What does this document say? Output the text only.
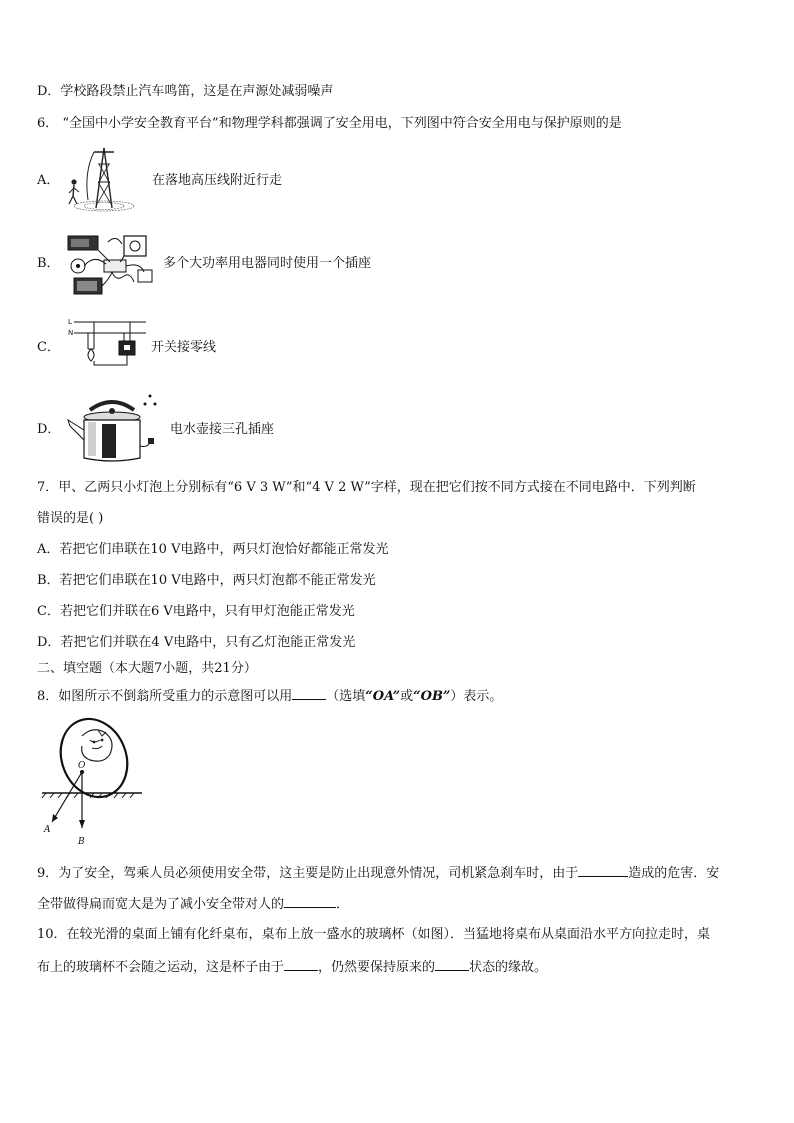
D．学校路段禁止汽车鸣笛，这是在声源处减弱噪声
6． “全国中小学安全教育平台”和物理学科都强调了安全用电，下列图中符合安全用电与保护原则的是
A．	在落地高压线附近行走
B．	多个大功率用电器同时使用一个插座
C．
L
N
开关接零线
D．	电水壶接三孔插座
7．甲、乙两只小灯泡上分别标有“6 V 3 W”和“4 V 2 W”字样，现在把它们按不同方式接在不同电路中．下列判断
错误的是( )
A．若把它们串联在10 V电路中，两只灯泡恰好都能正常发光
B．若把它们串联在10 V电路中，两只灯泡都不能正常发光
C．若把它们并联在6 V电路中，只有甲灯泡能正常发光
D．若把它们并联在4 V电路中，只有乙灯泡能正常发光
二、填空题（本大题7小题，共21分）
8．如图所示不倒翁所受重力的示意图可以用	（选填“OA”或“OB”）表示。
O
A
B
9．为了安全，驾乘人员必须使用安全带，这主要是防止出现意外情况，司机紧急刹车时，由于	造成的危害．安
全带做得扁而宽大是为了减小安全带对人的	．
10．在较光滑的桌面上铺有化纤桌布，桌布上放一盛水的玻璃杯（如图）．当猛地将桌布从桌面沿水平方向拉走时，桌
布上的玻璃杯不会随之运动，这是杯子由于	，仍然要保持原来的	状态的缘故。
